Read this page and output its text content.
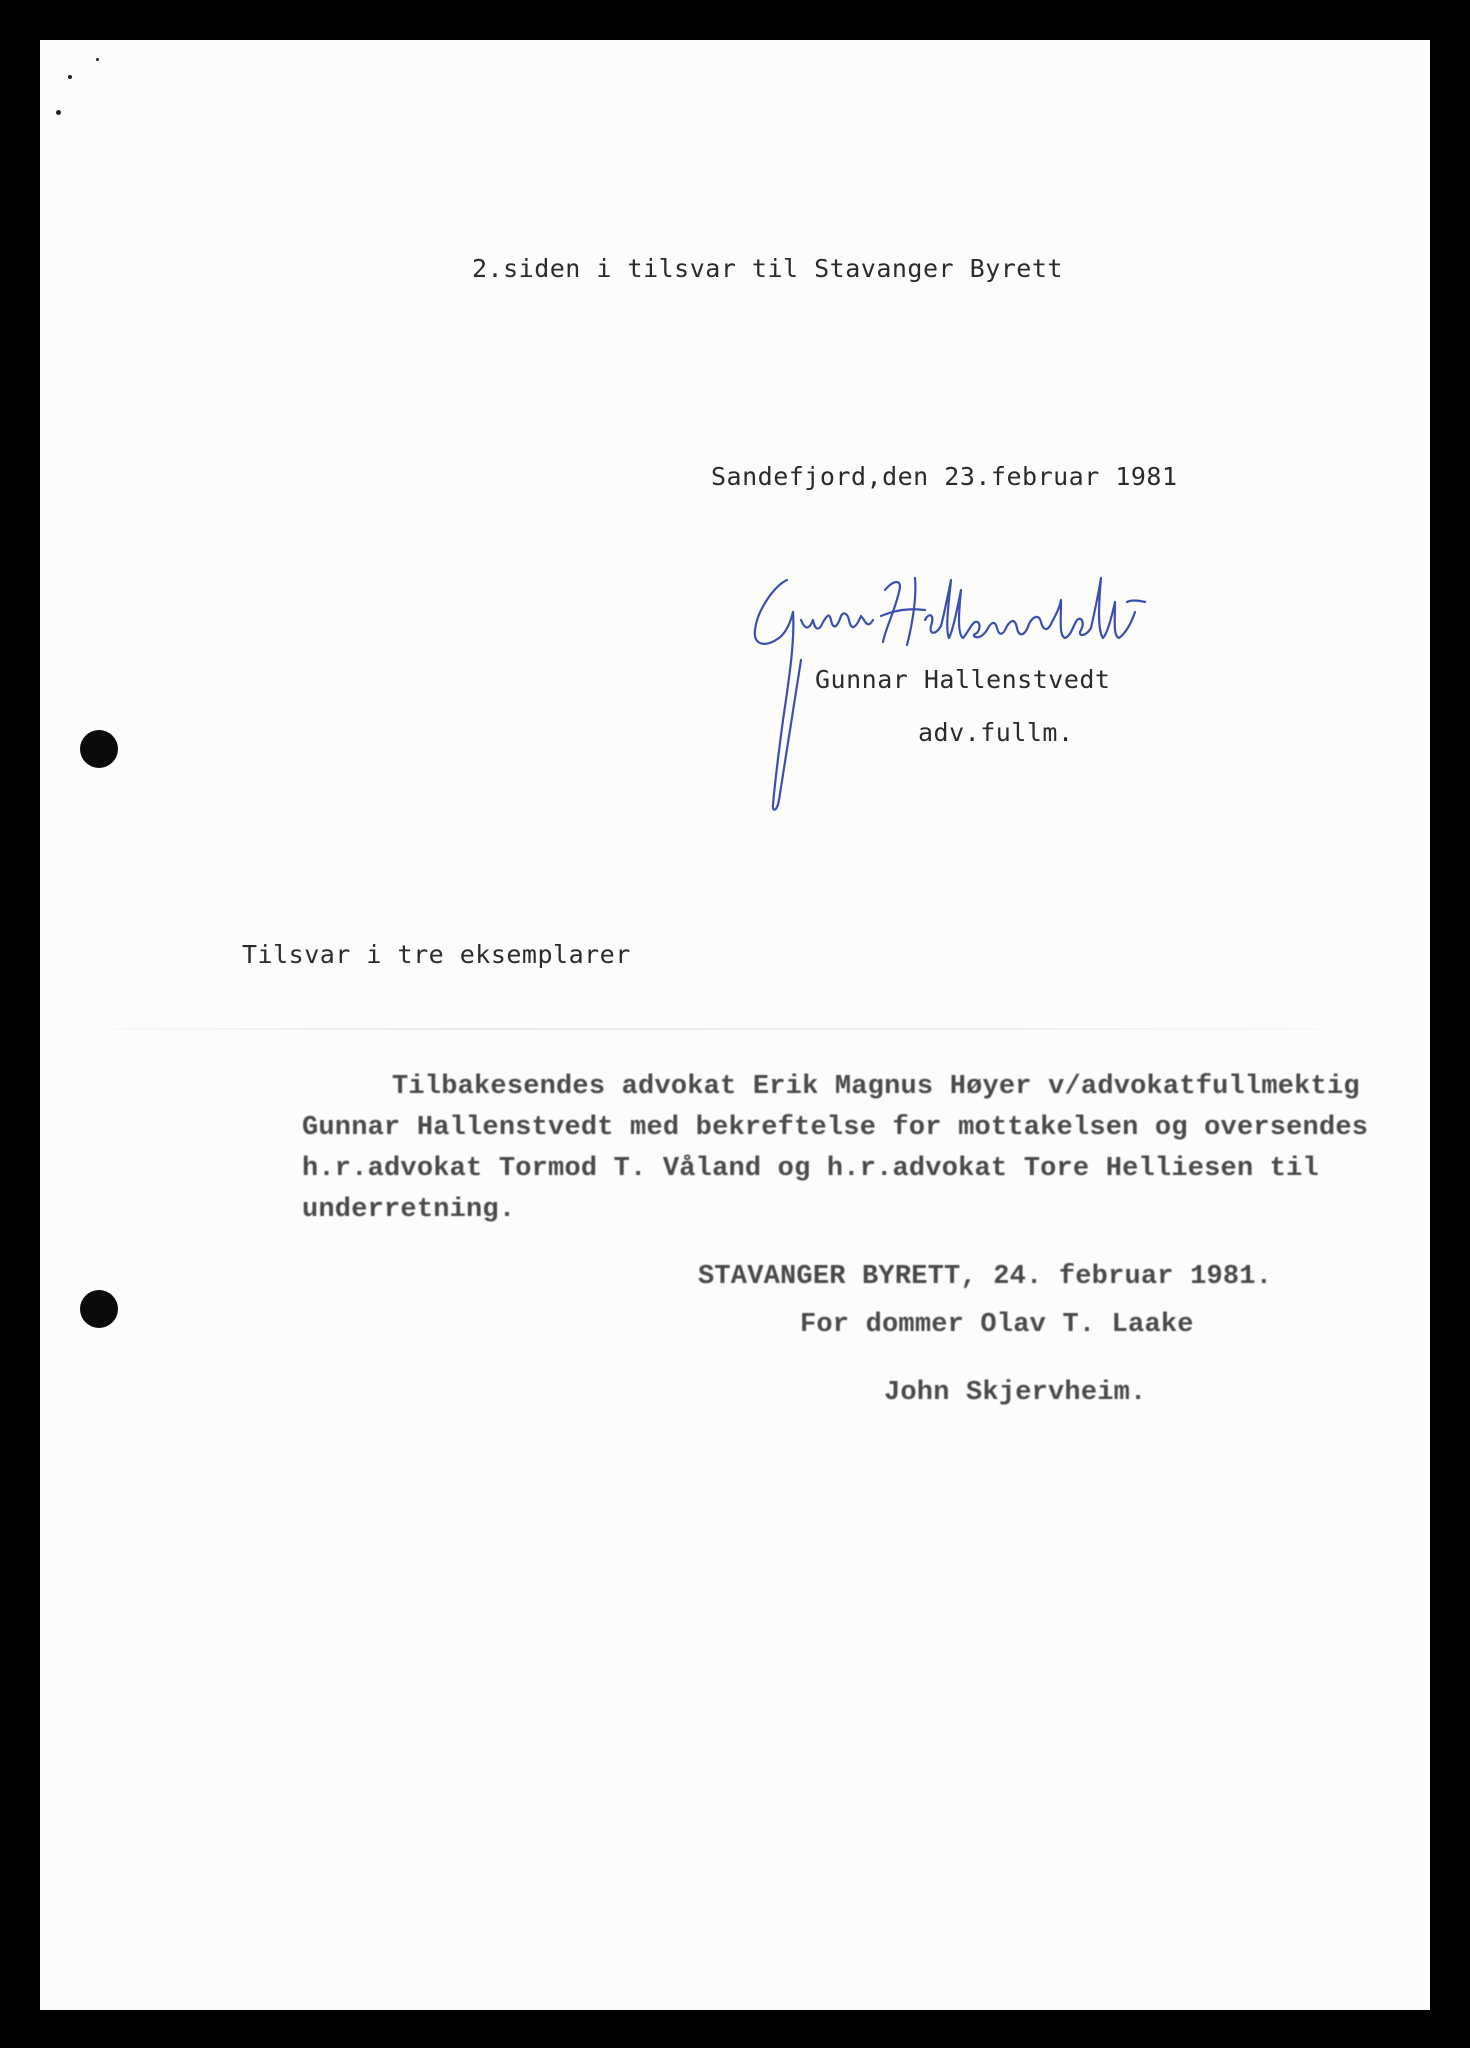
2.siden i tilsvar til Stavanger Byrett
Sandefjord,den 23.februar 1981
Gunnar Hallenstvedt
Gunnar Hallenstvedt
adv.fullm.
Tilsvar i tre eksemplarer
Tilbakesendes advokat Erik Magnus Høyer v/advokatfullmektig
Gunnar Hallenstvedt med bekreftelse for mottakelsen og oversendes
h.r.advokat Tormod T. Våland og h.r.advokat Tore Helliesen til
underretning.
STAVANGER BYRETT, 24. februar 1981.
For dommer Olav T. Laake
John Skjervheim.
